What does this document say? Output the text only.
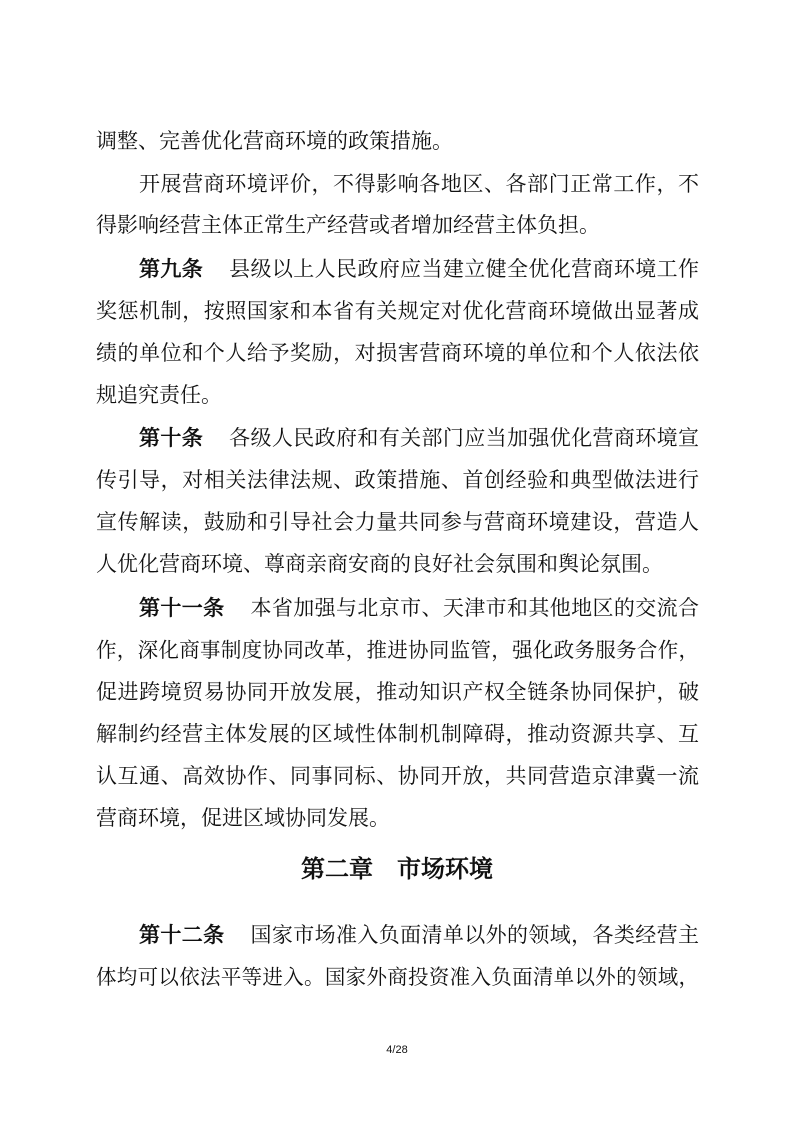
调整、完善优化营商环境的政策措施。
开展营商环境评价，不得影响各地区、各部门正常工作，不
得影响经营主体正常生产经营或者增加经营主体负担。
第九条 县级以上人民政府应当建立健全优化营商环境工作
奖惩机制，按照国家和本省有关规定对优化营商环境做出显著成
绩的单位和个人给予奖励，对损害营商环境的单位和个人依法依
规追究责任。
第十条 各级人民政府和有关部门应当加强优化营商环境宣
传引导，对相关法律法规、政策措施、首创经验和典型做法进行
宣传解读，鼓励和引导社会力量共同参与营商环境建设，营造人
人优化营商环境、尊商亲商安商的良好社会氛围和舆论氛围。
第十一条 本省加强与北京市、天津市和其他地区的交流合
作，深化商事制度协同改革，推进协同监管，强化政务服务合作，
促进跨境贸易协同开放发展，推动知识产权全链条协同保护，破
解制约经营主体发展的区域性体制机制障碍，推动资源共享、互
认互通、高效协作、同事同标、协同开放，共同营造京津冀一流
营商环境，促进区域协同发展。
第二章　市场环境
第十二条 国家市场准入负面清单以外的领域，各类经营主
体均可以依法平等进入。国家外商投资准入负面清单以外的领域，
4/28
